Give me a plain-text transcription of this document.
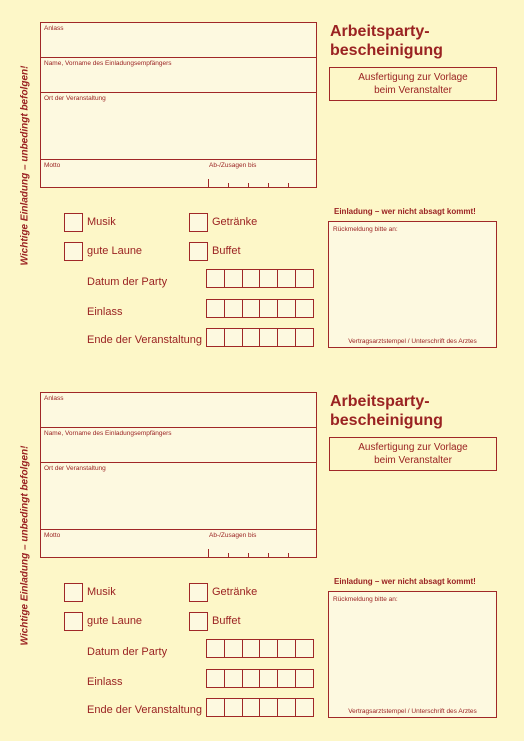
Wichtige Einladung – unbedingt befolgen!
Anlass
Name, Vorname des Einladungsempfängers
Ort der Veranstaltung
Motto	Ab-/Zusagen bis
Arbeitsparty-
bescheinigung
Ausfertigung zur Vorlage
beim Veranstalter
Musik	Getränke
gute Laune	Buffet
Datum der Party
Einlass
Ende der Veranstaltung
Einladung – wer nicht absagt kommt!
Rückmeldung bitte an:
Vertragsarztstempel / Unterschrift des Arztes
Wichtige Einladung – unbedingt befolgen!
Anlass
Name, Vorname des Einladungsempfängers
Ort der Veranstaltung
Motto	Ab-/Zusagen bis
Arbeitsparty-
bescheinigung
Ausfertigung zur Vorlage
beim Veranstalter
Musik	Getränke
gute Laune	Buffet
Datum der Party
Einlass
Ende der Veranstaltung
Einladung – wer nicht absagt kommt!
Rückmeldung bitte an:
Vertragsarztstempel / Unterschrift des Arztes
